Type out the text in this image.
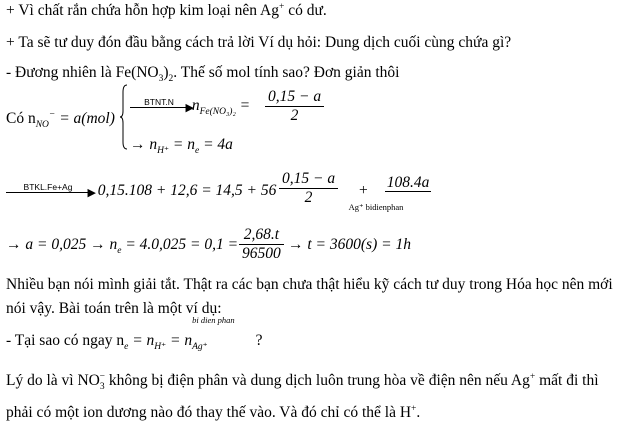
+ Vì chất rắn chứa hỗn hợp kim loại nên Ag+ có dư.
+ Ta sẽ tư duy đón đầu bằng cách trả lời Ví dụ hỏi: Dung dịch cuối cùng chứa gì?
- Đương nhiên là $Fe(NO_3)_2$. Thế số mol tính sao? Đơn giản thôi
Có $n_{NO}^- = a(mol)$
BTNT.N	▶
$n_{Fe(NO_3)_2} = \frac{0,15 - a}{2}$
→ $n_{H^+} = n_e = 4a$
BTKL.Fe+Ag	▶ $0,15.108 + 12,6 = 14,5 + 56 \frac{0,15 - a}{2}$ +	108.4a
Ag⁺ bidienphan
→ $a = 0,025 \to n_e = 4.0,025 = 0,1 = \frac{2,68.t}{96500} \to t = 3600(s) = 1h$
Nhiều bạn nói mình giải tắt. Thật ra các bạn chưa thật hiểu kỹ cách tư duy trong Hóa học nên mới
nói vậy. Bài toán trên là một ví dụ:
- Tại sao có ngay $n_e = n_{H^+} = n$
bi dien phan
$_{Ag^+}$	?
Lý do là vì $NO_3^-$ không bị điện phân và dung dịch luôn trung hòa về điện nên nếu Ag+ mất đi thì
phải có một ion dương nào đó thay thế vào. Và đó chỉ có thể là H+.
